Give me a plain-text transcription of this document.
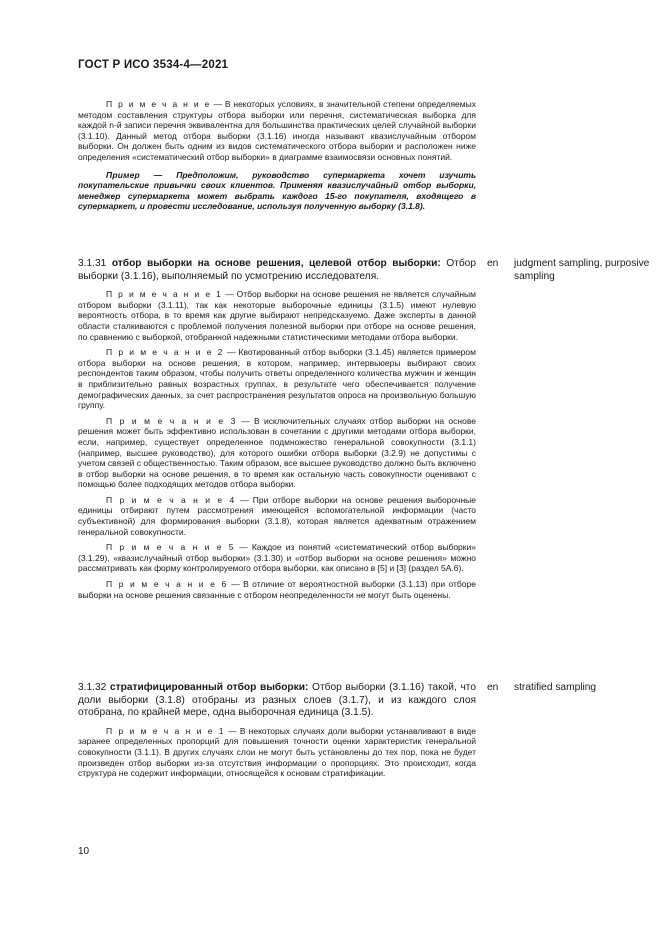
ГОСТ Р ИСО 3534-4—2021

П р и м е ч а н и е — В некоторых условиях, в значительной степени определяемых методом составления структуры отбора выборки или перечня, систематическая выборка для каждой n-й записи перечня эквивалентна для большинства практических целей случайной выборки (3.1.10). Данный метод отбора выборки (3.1.16) иногда называют квазислучайным отбором выборки. Он должен быть одним из видов систематического отбора выборки и расположен ниже определения «систематический отбор выборки» в диаграмме взаимосвязи основных понятий.

Пример — Предположим, руководство супермаркета хочет изучить покупательские привычки своих клиентов. Применяя квазислучайный отбор выборки, менеджер супермаркета может выбрать каждого 15-го покупателя, входящего в супермаркет, и провести исследование, используя полученную выборку (3.1.8).

3.1.31 отбор выборки на основе решения, целевой отбор выборки: Отбор выборки (3.1.16), выполняемый по усмотрению исследователя.

П р и м е ч а н и е 1 — Отбор выборки на основе решения не является случайным отбором выборки (3.1.11), так как некоторые выборочные единицы (3.1.5) имеют нулевую вероятность отбора, в то время как другие выбирают непредсказуемо. Даже эксперты в данной области сталкиваются с проблемой получения полезной выборки при отборе на основе решения, по сравнению с выборкой, отобранной надежными статистическими методами отбора выборки.

П р и м е ч а н и е 2 — Квотированный отбор выборки (3.1.45) является примером отбора выборки на основе решения, в котором, например, интервьюеры выбирают своих респондентов таким образом, чтобы получить ответы определенного количества мужчин и женщин в приблизительно равных возрастных группах, в результате чего обеспечивается получение демографических данных, за счет распространения результатов опроса на произвольную большую группу.

П р и м е ч а н и е 3 — В исключительных случаях отбор выборки на основе решения может быть эффективно использован в сочетании с другими методами отбора выборки, если, например, существует определенное подмножество генеральной совокупности (3.1.1) (например, высшее руководство), для которого ошибки отбора выборки (3.2.9) не допустимы с учетом связей с общественностью. Таким образом, все высшее руководство должно быть включено в отбор выборки на основе решения, в то время как остальную часть совокупности оценивают с помощью более подходящих методов отбора выборки.

П р и м е ч а н и е 4 — При отборе выборки на основе решения выборочные единицы отбирают путем рассмотрения имеющейся вспомогательной информации (часто субъективной) для формирования выборки (3.1.8), которая является адекватным отражением генеральной совокупности.

П р и м е ч а н и е 5 — Каждое из понятий «систематический отбор выборки» (3.1.29), «квазислучайный отбор выборки» (3.1.30) и «отбор выборки на основе решения» можно рассматривать как форму контролируемого отбора выборки, как описано в [5] и [3] (раздел 5А.6).

П р и м е ч а н и е 6 — В отличие от вероятностной выборки (3.1.13) при отборе выборки на основе решения связанные с отбором неопределенности не могут быть оценены.

en judgment sampling, purposive sampling

3.1.32 стратифицированный отбор выборки: Отбор выборки (3.1.16) такой, что доли выборки (3.1.8) отобраны из разных слоев (3.1.7), и из каждого слоя отобрана, по крайней мере, одна выборочная единица (3.1.5).

П р и м е ч а н и е 1 — В некоторых случаях доли выборки устанавливают в виде заранее определенных пропорций для повышения точности оценки характеристик генеральной совокупности (3.1.1). В других случаях слои не могут быть установлены до тех пор, пока не будет произведен отбор выборки из-за отсутствия информации о пропорциях. Это происходит, когда структура не содержит информации, относящейся к основам стратификации.

en stratified sampling
10
